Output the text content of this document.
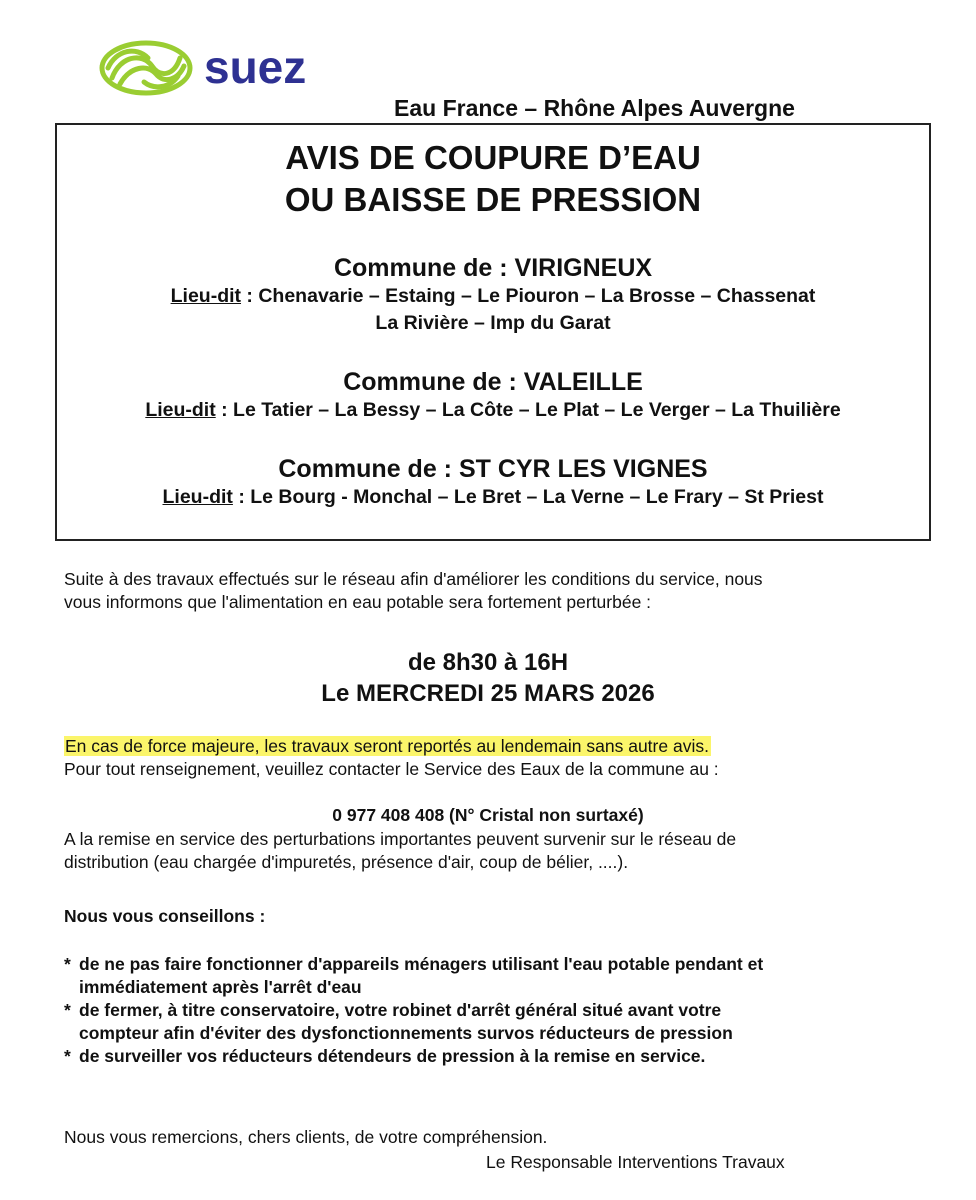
suez
Eau France – Rhône Alpes Auvergne
AVIS DE COUPURE D’EAU
OU BAISSE DE PRESSION
Commune de : VIRIGNEUX
Lieu-dit : Chenavarie – Estaing – Le Piouron – La Brosse – Chassenat
La Rivière – Imp du Garat
Commune de : VALEILLE
Lieu-dit : Le Tatier – La Bessy – La Côte – Le Plat – Le Verger – La Thuilière
Commune de : ST CYR LES VIGNES
Lieu-dit : Le Bourg - Monchal – Le Bret – La Verne – Le Frary – St Priest
Suite à des travaux effectués sur le réseau afin d'améliorer les conditions du service, nous
vous informons que l'alimentation en eau potable sera fortement perturbée :
de 8h30 à 16H
Le MERCREDI 25 MARS 2026
En cas de force majeure, les travaux seront reportés au lendemain sans autre avis.
Pour tout renseignement, veuillez contacter le Service des Eaux de la commune au :
0 977 408 408 (N° Cristal non surtaxé)
A la remise en service des perturbations importantes peuvent survenir sur le réseau de
distribution (eau chargée d'impuretés, présence d'air, coup de bélier, ....).
Nous vous conseillons :
* de ne pas faire fonctionner d'appareils ménagers utilisant l'eau potable pendant et
immédiatement après l'arrêt d'eau
* de fermer, à titre conservatoire, votre robinet d'arrêt général situé avant votre
compteur afin d'éviter des dysfonctionnements survos réducteurs de pression
* de surveiller vos réducteurs détendeurs de pression à la remise en service.
Nous vous remercions, chers clients, de votre compréhension.
Le Responsable Interventions Travaux
